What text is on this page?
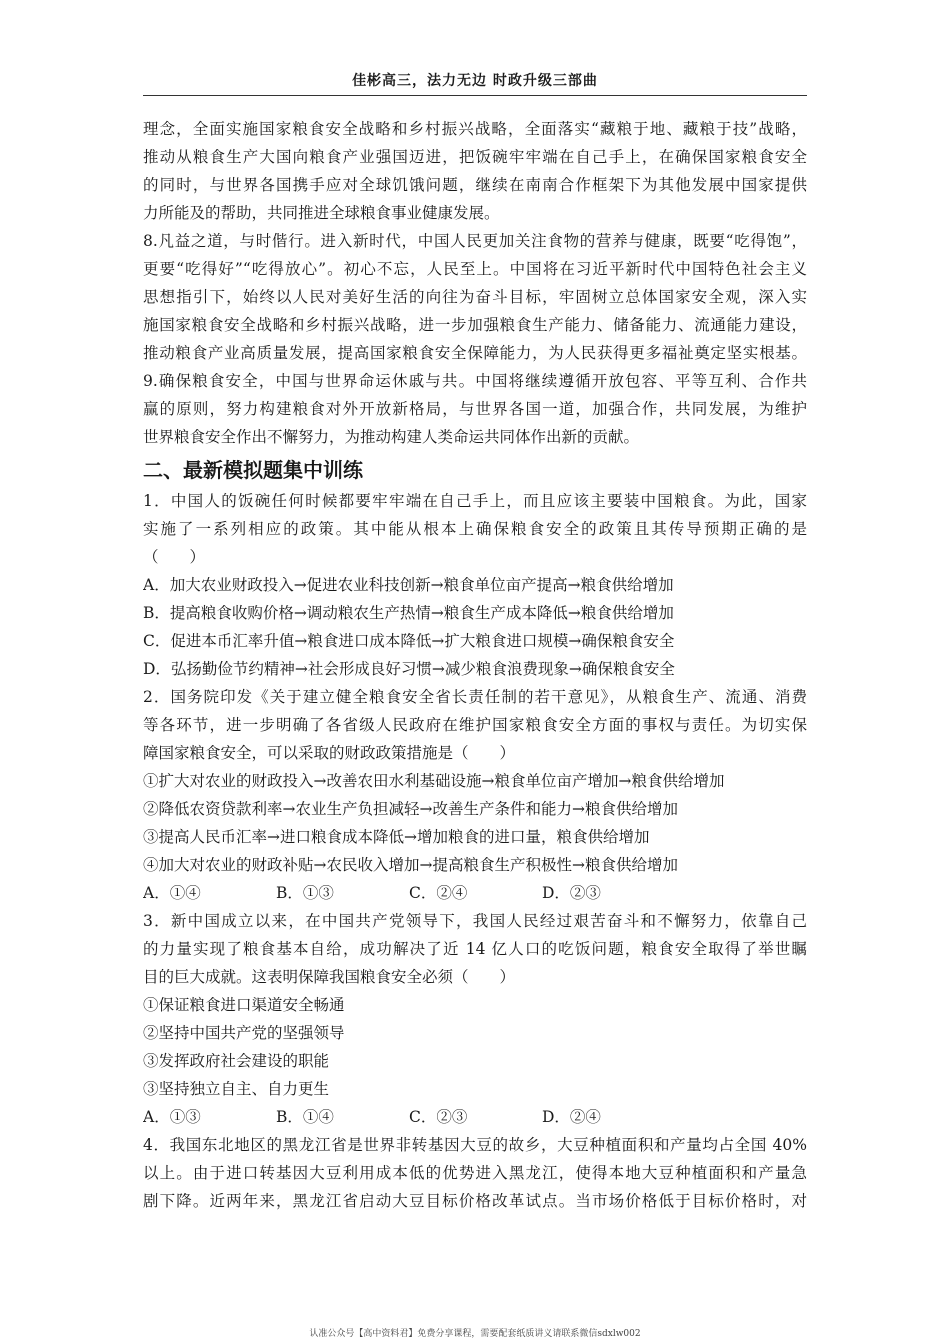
佳彬高三，法力无边 时政升级三部曲
理念，全面实施国家粮食安全战略和乡村振兴战略，全面落实“藏粮于地、藏粮于技”战略，
推动从粮食生产大国向粮食产业强国迈进，把饭碗牢牢端在自己手上，在确保国家粮食安全
的同时，与世界各国携手应对全球饥饿问题，继续在南南合作框架下为其他发展中国家提供
力所能及的帮助，共同推进全球粮食事业健康发展。
8.凡益之道，与时偕行。进入新时代，中国人民更加关注食物的营养与健康，既要“吃得饱”，
更要“吃得好”“吃得放心”。初心不忘，人民至上。中国将在习近平新时代中国特色社会主义
思想指引下，始终以人民对美好生活的向往为奋斗目标，牢固树立总体国家安全观，深入实
施国家粮食安全战略和乡村振兴战略，进一步加强粮食生产能力、储备能力、流通能力建设，
推动粮食产业高质量发展，提高国家粮食安全保障能力，为人民获得更多福祉奠定坚实根基。
9.确保粮食安全，中国与世界命运休戚与共。中国将继续遵循开放包容、平等互利、合作共
赢的原则，努力构建粮食对外开放新格局，与世界各国一道，加强合作，共同发展，为维护
世界粮食安全作出不懈努力，为推动构建人类命运共同体作出新的贡献。
二、最新模拟题集中训练
1．中国人的饭碗任何时候都要牢牢端在自己手上，而且应该主要装中国粮食。为此，国家
实施了一系列相应的政策。其中能从根本上确保粮食安全的政策且其传导预期正确的是
（　　）
A．加大农业财政投入→促进农业科技创新→粮食单位亩产提高→粮食供给增加
B．提高粮食收购价格→调动粮农生产热情→粮食生产成本降低→粮食供给增加
C．促进本币汇率升值→粮食进口成本降低→扩大粮食进口规模→确保粮食安全
D．弘扬勤俭节约精神→社会形成良好习惯→减少粮食浪费现象→确保粮食安全
2．国务院印发《关于建立健全粮食安全省长责任制的若干意见》，从粮食生产、流通、消费
等各环节，进一步明确了各省级人民政府在维护国家粮食安全方面的事权与责任。为切实保
障国家粮食安全，可以采取的财政政策措施是（　　）
①扩大对农业的财政投入→改善农田水利基础设施→粮食单位亩产增加→粮食供给增加
②降低农资贷款利率→农业生产负担减轻→改善生产条件和能力→粮食供给增加
③提高人民币汇率→进口粮食成本降低→增加粮食的进口量，粮食供给增加
④加大对农业的财政补贴→农民收入增加→提高粮食生产积极性→粮食供给增加
A．①④	B．①③	C．②④	D．②③
3．新中国成立以来，在中国共产党领导下，我国人民经过艰苦奋斗和不懈努力，依靠自己
的力量实现了粮食基本自给，成功解决了近 14 亿人口的吃饭问题，粮食安全取得了举世瞩
目的巨大成就。这表明保障我国粮食安全必须（　　）
①保证粮食进口渠道安全畅通
②坚持中国共产党的坚强领导
③发挥政府社会建设的职能
③坚持独立自主、自力更生
A．①③	B．①④	C．②③	D．②④
4．我国东北地区的黑龙江省是世界非转基因大豆的故乡，大豆种植面积和产量均占全国 40%
以上。由于进口转基因大豆利用成本低的优势进入黑龙江，使得本地大豆种植面积和产量急
剧下降。近两年来，黑龙江省启动大豆目标价格改革试点。当市场价格低于目标价格时，对
认准公众号【高中资料君】免费分享课程，需要配套纸质讲义请联系微信sdxlw002
